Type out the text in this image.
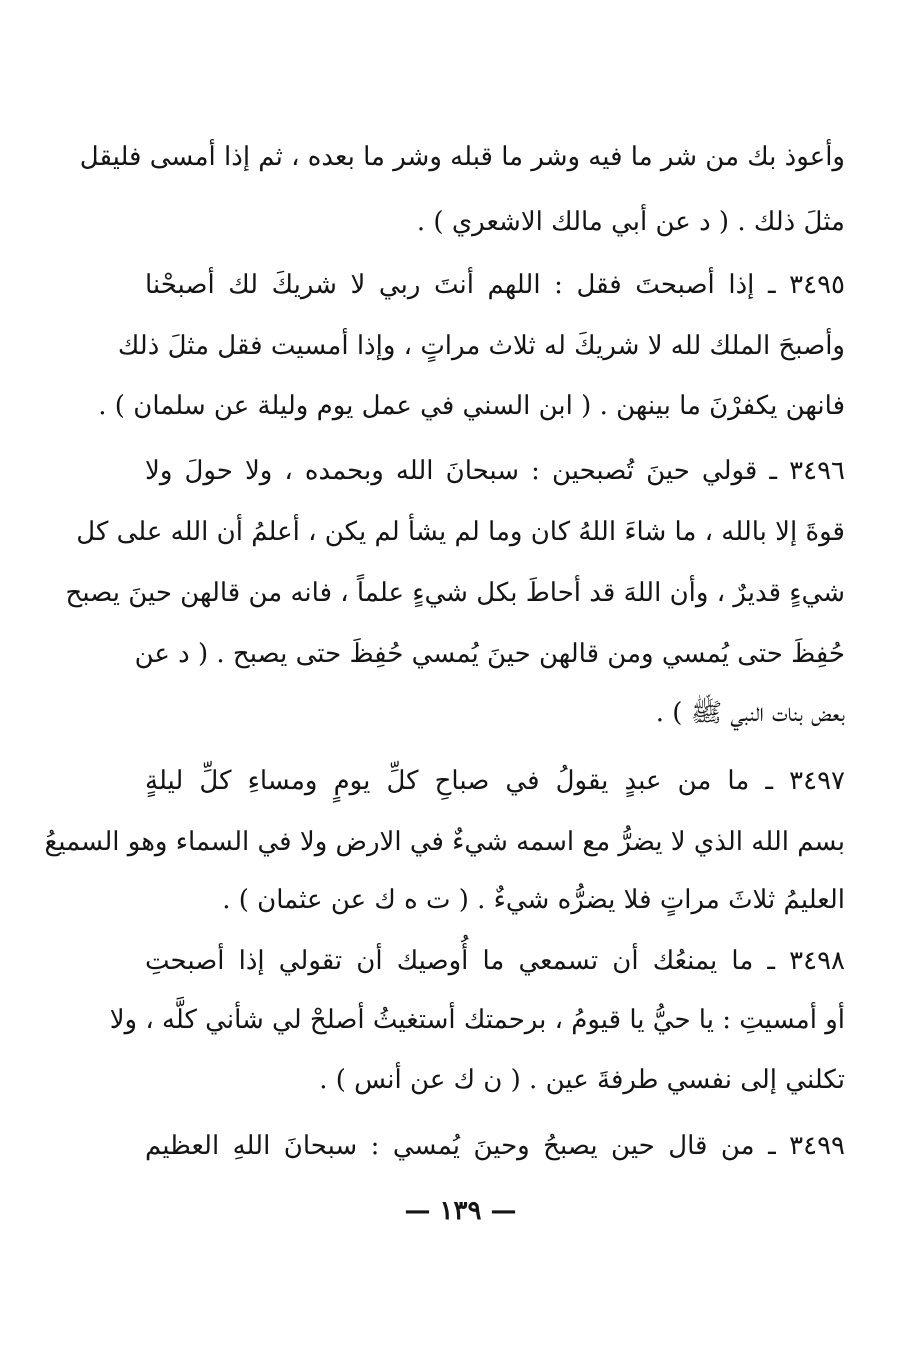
وأعوذ بك من شر ما فيه وشر ما قبله وشر ما بعده ، ثم إذا أمسى فليقل
مثلَ ذلك . ( د عن أبي مالك الاشعري ) .
٣٤٩٥ ـ إذا أصبحتَ فقل : اللهم أنتَ ربي لا شريكَ لك أصبحْنا
وأصبحَ الملك لله لا شريكَ له ثلاث مراتٍ ، وإذا أمسيت فقل مثلَ ذلك
فانهن يكفرْنَ ما بينهن . ( ابن السني في عمل يوم وليلة عن سلمان ) .
٣٤٩٦ ـ قولي حينَ تُصبحين : سبحانَ الله وبحمده ، ولا حولَ ولا
قوةَ إلا بالله ، ما شاءَ اللهُ كان وما لم يشأ لم يكن ، أعلمُ أن الله على كل
شيءٍ قديرٌ ، وأن اللهَ قد أحاطَ بكل شيءٍ علماً ، فانه من قالهن حينَ يصبح
حُفِظَ حتى يُمسي ومن قالهن حينَ يُمسي حُفِظَ حتى يصبح . ( د عن
بعض بنات النبي ﷺ ) .
٣٤٩٧ ـ ما من عبدٍ يقولُ في صباحِ كلِّ يومٍ ومساءِ كلِّ ليلةٍ
بسم الله الذي لا يضرُّ مع اسمه شيءٌ في الارض ولا في السماء وهو السميعُ
العليمُ ثلاثَ مراتٍ فلا يضرُّه شيءٌ . ( ت ه ك عن عثمان ) .
٣٤٩٨ ـ ما يمنعُك أن تسمعي ما أُوصيك أن تقولي إذا أصبحتِ
أو أمسيتِ : يا حيُّ يا قيومُ ، برحمتك أستغيثُ أصلحْ لي شأني كلَّه ، ولا
تكلني إلى نفسي طرفةَ عين . ( ن ك عن أنس ) .
٣٤٩٩ ـ من قال حين يصبحُ وحينَ يُمسي : سبحانَ اللهِ العظيم
— ١٣٩ —
